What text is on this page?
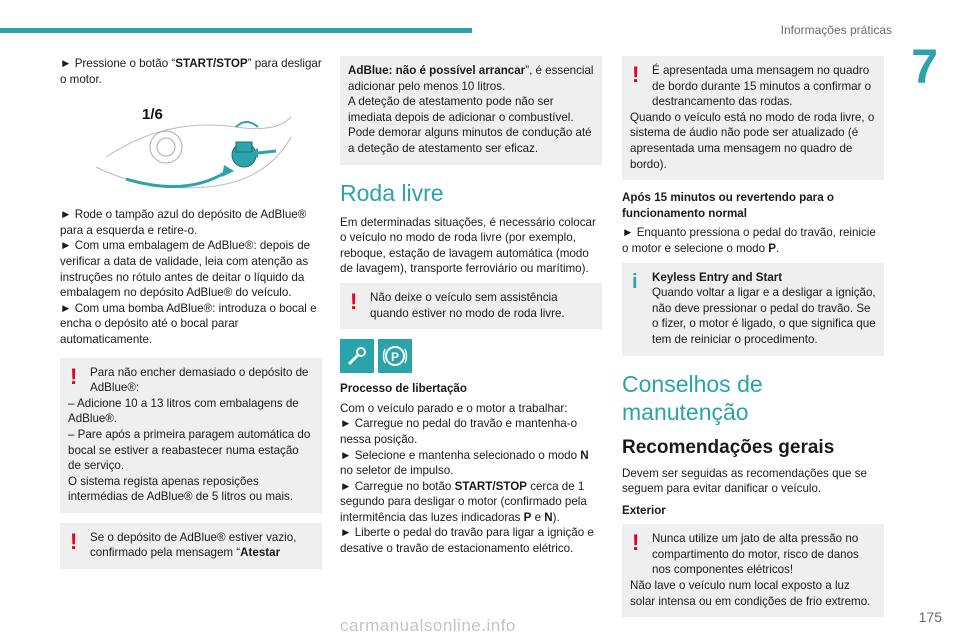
Informações práticas
7

► Pressione o botão “START/STOP” para desligar o motor.

1/6

► Rode o tampão azul do depósito de AdBlue® para a esquerda e retire-o.

► Com uma embalagem de AdBlue®: depois de verificar a data de validade, leia com atenção as instruções no rótulo antes de deitar o líquido da embalagem no depósito AdBlue® do veículo.

► Com uma bomba AdBlue®: introduza o bocal e encha o depósito até o bocal parar automaticamente.

!	Para não encher demasiado o depósito de AdBlue®:

– Adicione 10 a 13 litros com embalagens de AdBlue®.

– Pare após a primeira paragem automática do bocal se estiver a reabastecer numa estação de serviço.

O sistema regista apenas reposições intermédias de AdBlue® de 5 litros ou mais.

!	Se o depósito de AdBlue® estiver vazio, confirmado pela mensagem “Atestar

AdBlue: não é possível arrancar”, é essencial adicionar pelo menos 10 litros.

A deteção de atestamento pode não ser imediata depois de adicionar o combustível. Pode demorar alguns minutos de condução até a deteção de atestamento ser eficaz.

Roda livre

Em determinadas situações, é necessário colocar o veículo no modo de roda livre (por exemplo, reboque, estação de lavagem automática (modo de lavagem), transporte ferroviário ou marítimo).

!	Não deixe o veículo sem assistência quando estiver no modo de roda livre.

P
Processo de libertação

Com o veículo parado e o motor a trabalhar:

► Carregue no pedal do travão e mantenha-o nessa posição.

► Selecione e mantenha selecionado o modo N no seletor de impulso.

► Carregue no botão START/STOP cerca de 1 segundo para desligar o motor (confirmado pela intermitência das luzes indicadoras P e N).

► Liberte o pedal do travão para ligar a ignição e desative o travão de estacionamento elétrico.

!	É apresentada uma mensagem no quadro de bordo durante 15 minutos a confirmar o destrancamento das rodas.

Quando o veículo está no modo de roda livre, o sistema de áudio não pode ser atualizado (é apresentada uma mensagem no quadro de bordo).

Após 15 minutos ou revertendo para o funcionamento normal

► Enquanto pressiona o pedal do travão, reinicie o motor e selecione o modo P.

i	Keyless Entry and Start

Quando voltar a ligar e a desligar a ignição, não deve pressionar o pedal do travão. Se o fizer, o motor é ligado, o que significa que tem de reiniciar o procedimento.

Conselhos de manutenção
Recomendações gerais

Devem ser seguidas as recomendações que se seguem para evitar danificar o veículo.

Exterior
!	Nunca utilize um jato de alta pressão no compartimento do motor, risco de danos nos componentes elétricos!

Não lave o veículo num local exposto a luz solar intensa ou em condições de frio extremo.

175
carmanualsonline.info
